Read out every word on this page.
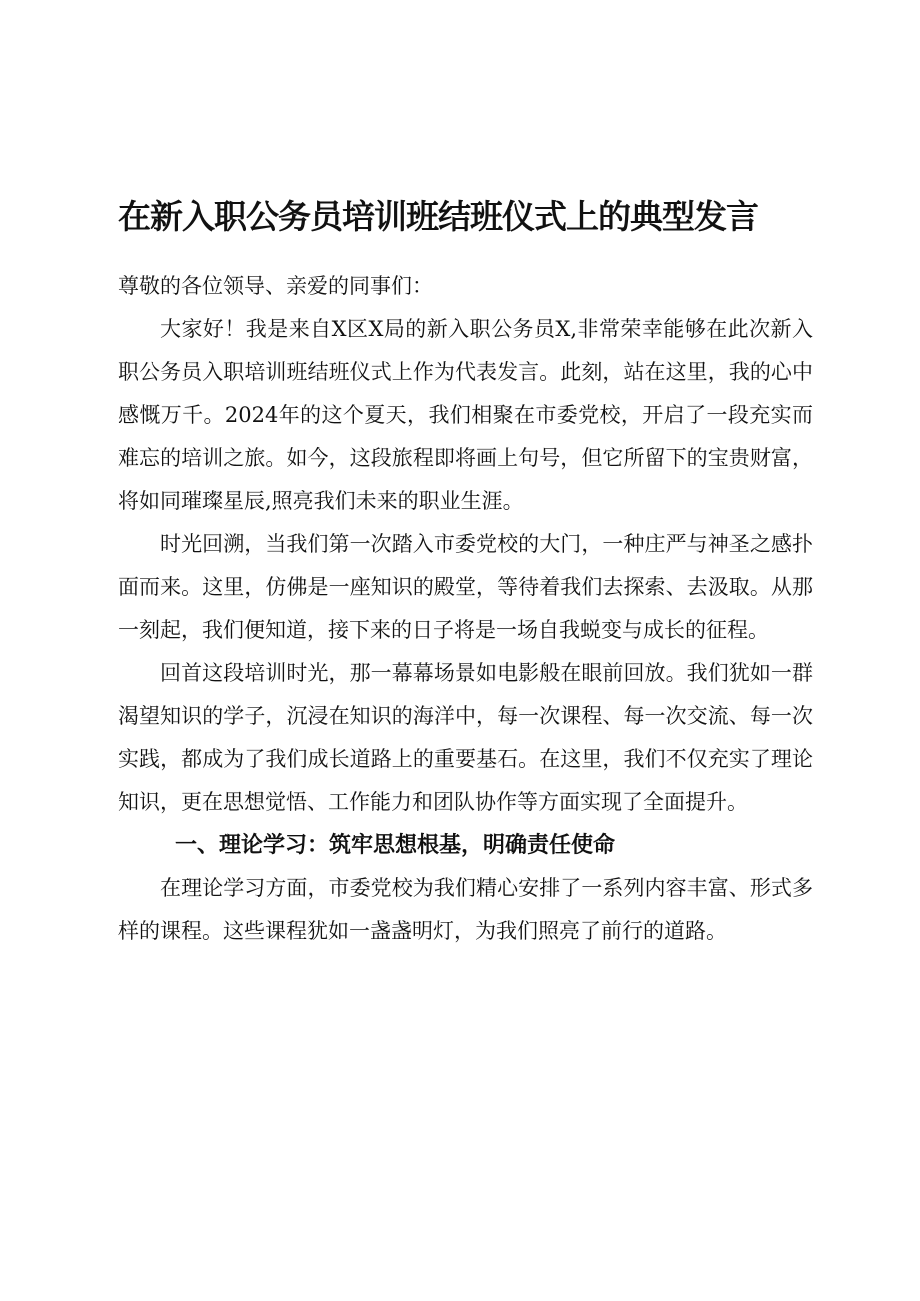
在新入职公务员培训班结班仪式上的典型发言

尊敬的各位领导、亲爱的同事们：

大家好！我是来自X区X局的新入职公务员X,非常荣幸能够在此次新入职公务员入职培训班结班仪式上作为代表发言。此刻，站在这里，我的心中感慨万千。2024年的这个夏天，我们相聚在市委党校，开启了一段充实而难忘的培训之旅。如今，这段旅程即将画上句号，但它所留下的宝贵财富，将如同璀璨星辰,照亮我们未来的职业生涯。

时光回溯，当我们第一次踏入市委党校的大门，一种庄严与神圣之感扑面而来。这里，仿佛是一座知识的殿堂，等待着我们去探索、去汲取。从那一刻起，我们便知道，接下来的日子将是一场自我蜕变与成长的征程。

回首这段培训时光，那一幕幕场景如电影般在眼前回放。我们犹如一群渴望知识的学子，沉浸在知识的海洋中，每一次课程、每一次交流、每一次实践，都成为了我们成长道路上的重要基石。在这里，我们不仅充实了理论知识，更在思想觉悟、工作能力和团队协作等方面实现了全面提升。

一、理论学习：筑牢思想根基，明确责任使命

在理论学习方面，市委党校为我们精心安排了一系列内容丰富、形式多样的课程。这些课程犹如一盏盏明灯，为我们照亮了前行的道路。
